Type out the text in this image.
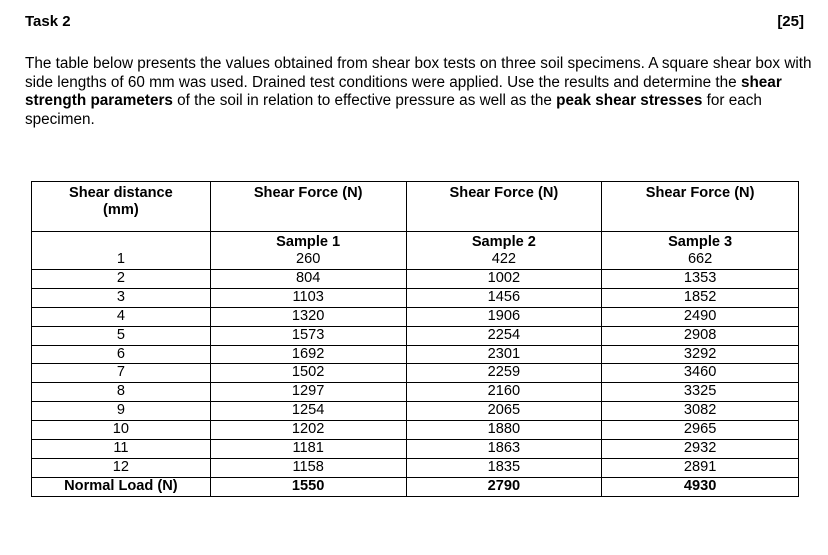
Task 2	[25]

The table below presents the values obtained from shear box tests on three soil specimens. A square shear box with side lengths of 60 mm was used. Drained test conditions were applied. Use the results and determine the shear strength parameters of the soil in relation to effective pressure as well as the peak shear stresses for each specimen.

Shear distance
(mm)	Shear Force (N)	Shear Force (N)	Shear Force (N)
	Sample 1	Sample 2	Sample 3
1	260	422	662
2	804	1002	1353
3	1103	1456	1852
4	1320	1906	2490
5	1573	2254	2908
6	1692	2301	3292
7	1502	2259	3460
8	1297	2160	3325
9	1254	2065	3082
10	1202	1880	2965
11	1181	1863	2932
12	1158	1835	2891
Normal Load (N)	1550	2790	4930
